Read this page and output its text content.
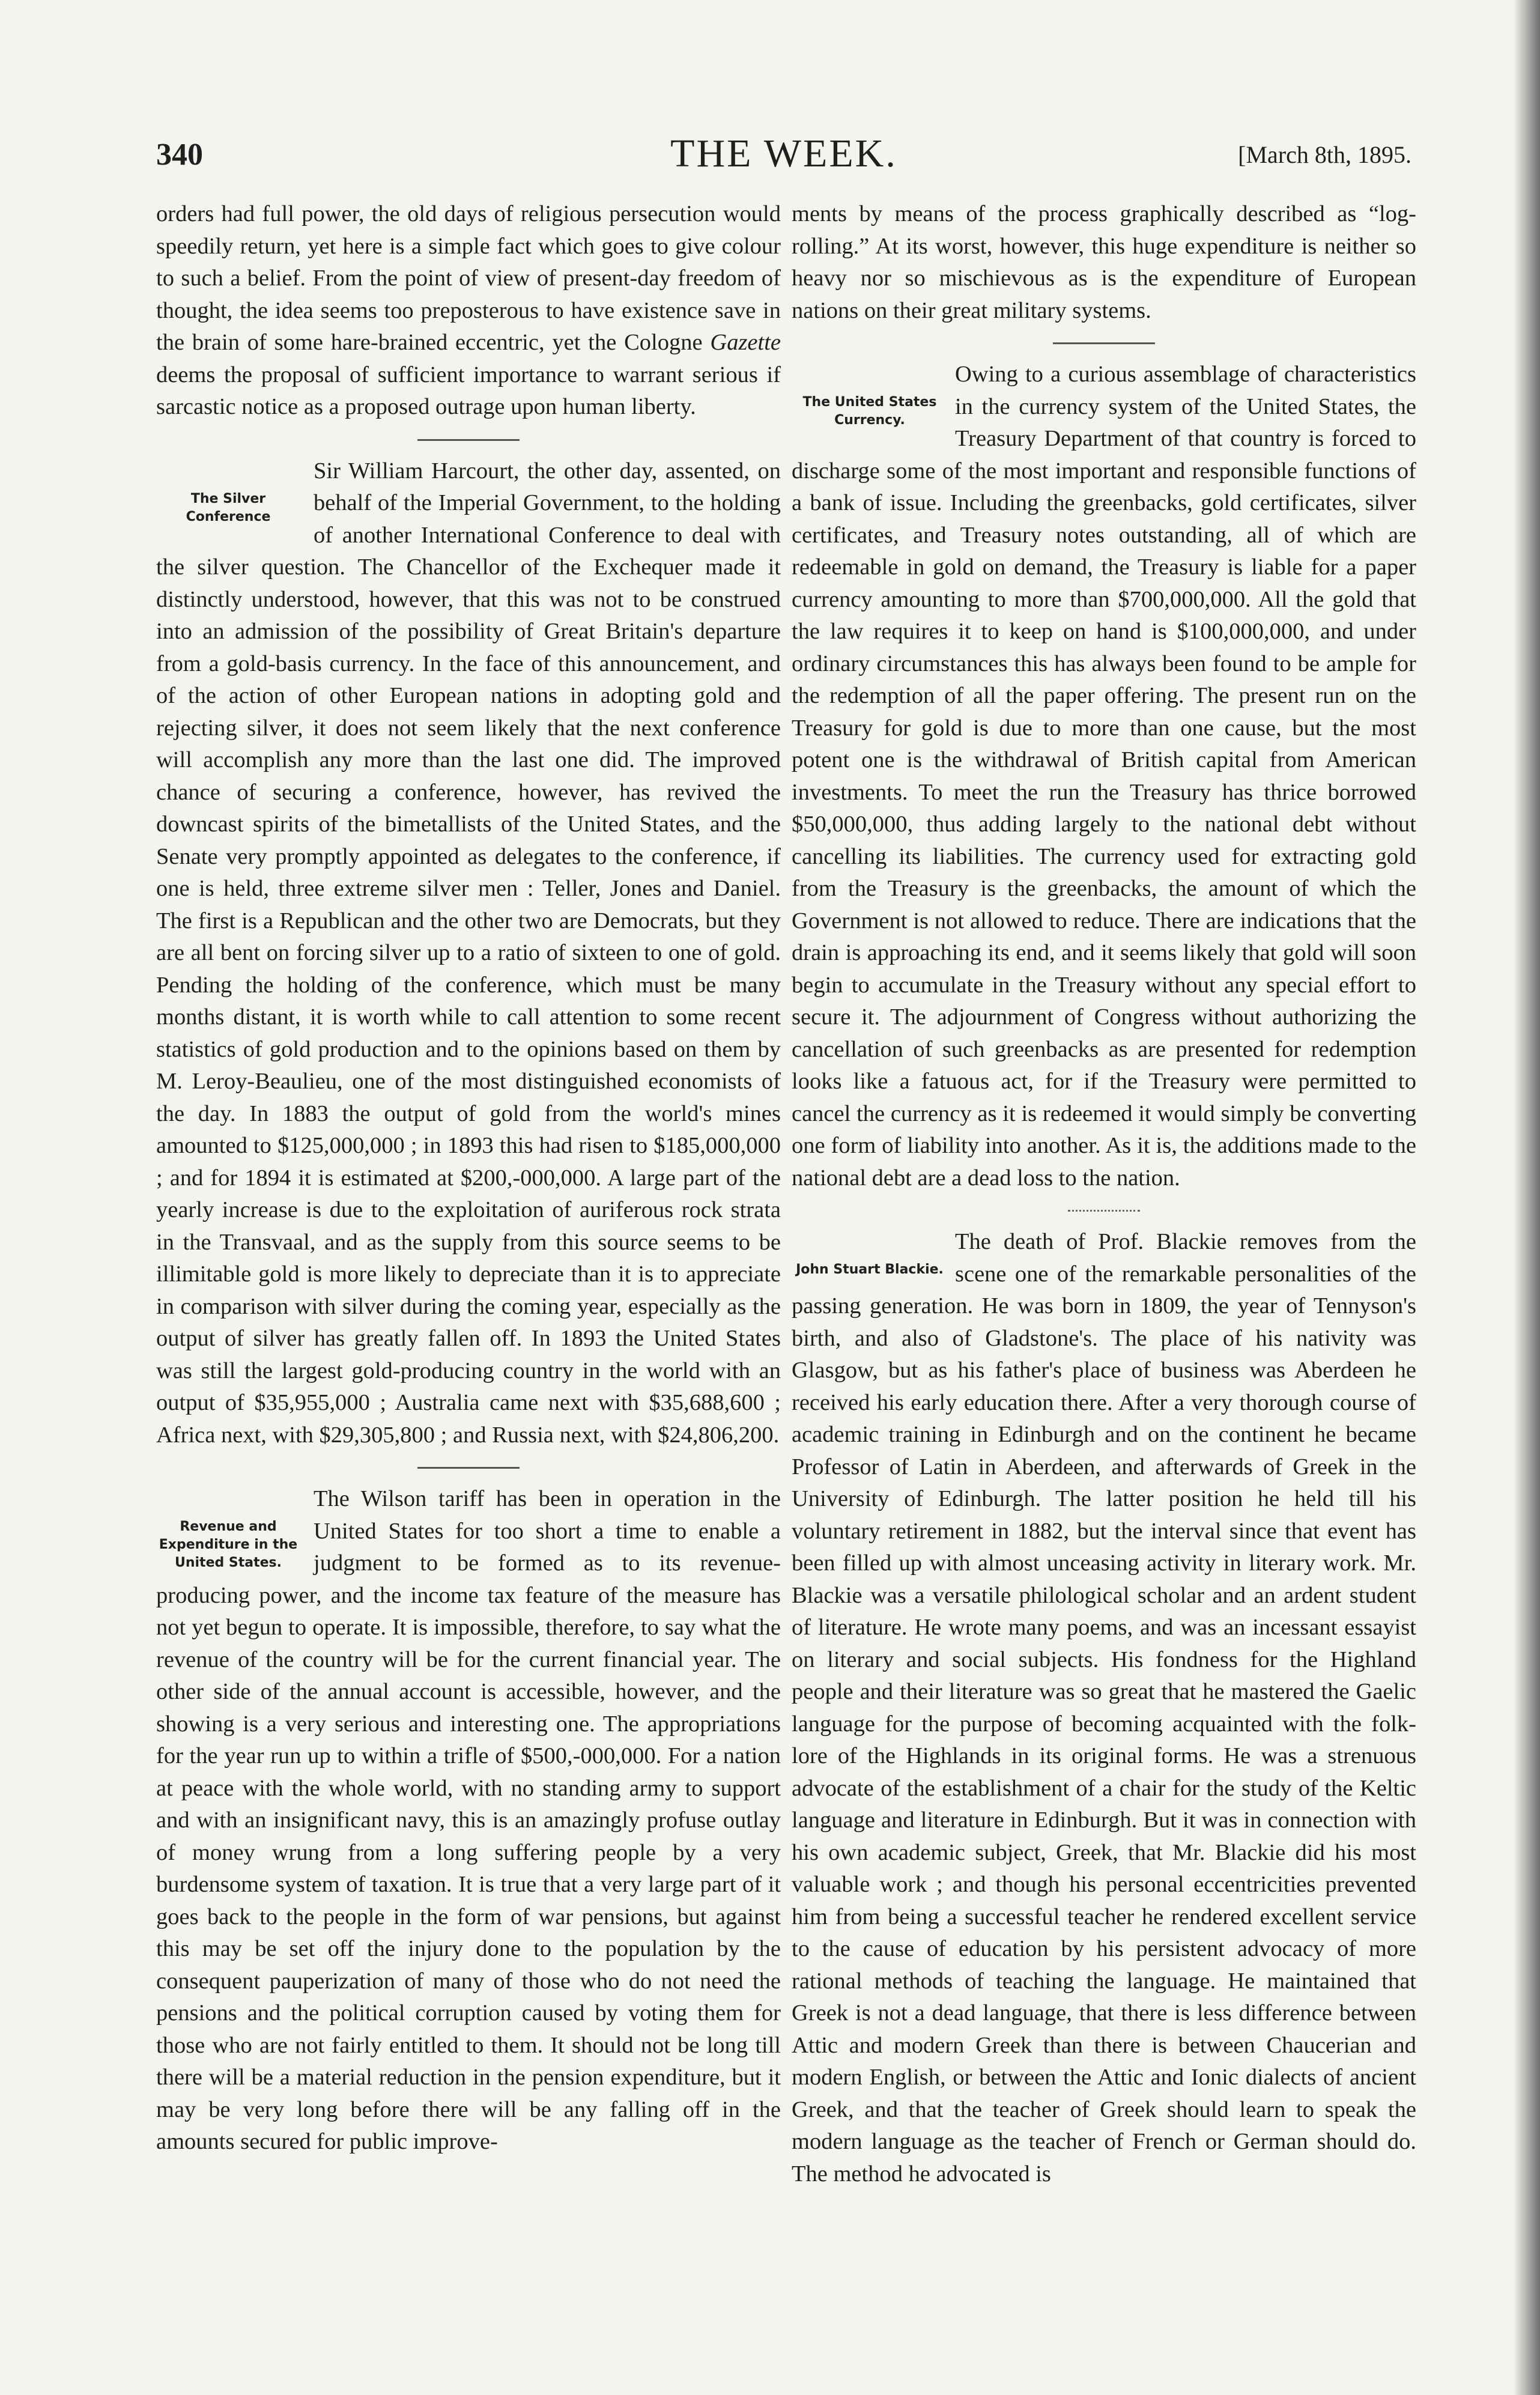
340	THE WEEK.	[March 8th, 1895.

orders had full power, the old days of religious persecution would speedily return, yet here is a simple fact which goes to give colour to such a belief. From the point of view of present-day freedom of thought, the idea seems too preposterous to have existence save in the brain of some hare-brained eccentric, yet the Cologne Gazette deems the proposal of sufficient importance to warrant serious if sarcastic notice as a proposed outrage upon human liberty.

The Silver Conference

Sir William Harcourt, the other day, assented, on behalf of the Imperial Government, to the holding of another International Conference to deal with the silver question. The Chancellor of the Exchequer made it distinctly understood, however, that this was not to be construed into an admission of the possibility of Great Britain's departure from a gold-basis currency. In the face of this announcement, and of the action of other European nations in adopting gold and rejecting silver, it does not seem likely that the next conference will accomplish any more than the last one did. The improved chance of securing a conference, however, has revived the downcast spirits of the bimetallists of the United States, and the Senate very promptly appointed as delegates to the conference, if one is held, three extreme silver men : Teller, Jones and Daniel. The first is a Republican and the other two are Democrats, but they are all bent on forcing silver up to a ratio of sixteen to one of gold. Pending the holding of the conference, which must be many months distant, it is worth while to call attention to some recent statistics of gold production and to the opinions based on them by M. Leroy-Beaulieu, one of the most distinguished economists of the day. In 1883 the output of gold from the world's mines amounted to $125,000,000 ; in 1893 this had risen to $185,000,000 ; and for 1894 it is estimated at $200,-000,000. A large part of the yearly increase is due to the exploitation of auriferous rock strata in the Transvaal, and as the supply from this source seems to be illimitable gold is more likely to depreciate than it is to appreciate in comparison with silver during the coming year, especially as the output of silver has greatly fallen off. In 1893 the United States was still the largest gold-producing country in the world with an output of $35,955,000 ; Australia came next with $35,688,600 ; Africa next, with $29,305,800 ; and Russia next, with $24,806,200.

Revenue and Expenditure in the United States.

The Wilson tariff has been in operation in the United States for too short a time to enable a judgment to be formed as to its revenue-producing power, and the income tax feature of the measure has not yet begun to operate. It is impossible, therefore, to say what the revenue of the country will be for the current financial year. The other side of the annual account is accessible, however, and the showing is a very serious and interesting one. The appropriations for the year run up to within a trifle of $500,-000,000. For a nation at peace with the whole world, with no standing army to support and with an insignificant navy, this is an amazingly profuse outlay of money wrung from a long suffering people by a very burdensome system of taxation. It is true that a very large part of it goes back to the people in the form of war pensions, but against this may be set off the injury done to the population by the consequent pauperization of many of those who do not need the pensions and the political corruption caused by voting them for those who are not fairly entitled to them. It should not be long till there will be a material reduction in the pension expenditure, but it may be very long before there will be any falling off in the amounts secured for public improve-

ments by means of the process graphically described as “log-rolling.” At its worst, however, this huge expenditure is neither so heavy nor so mischievous as is the expenditure of European nations on their great military systems.

The United States Currency.

Owing to a curious assemblage of characteristics in the currency system of the United States, the Treasury Department of that country is forced to discharge some of the most important and responsible functions of a bank of issue. Including the greenbacks, gold certificates, silver certificates, and Treasury notes outstanding, all of which are redeemable in gold on demand, the Treasury is liable for a paper currency amounting to more than $700,000,000. All the gold that the law requires it to keep on hand is $100,000,000, and under ordinary circumstances this has always been found to be ample for the redemption of all the paper offering. The present run on the Treasury for gold is due to more than one cause, but the most potent one is the withdrawal of British capital from American investments. To meet the run the Treasury has thrice borrowed $50,000,000, thus adding largely to the national debt without cancelling its liabilities. The currency used for extracting gold from the Treasury is the greenbacks, the amount of which the Government is not allowed to reduce. There are indications that the drain is approaching its end, and it seems likely that gold will soon begin to accumulate in the Treasury without any special effort to secure it. The adjournment of Congress without authorizing the cancellation of such greenbacks as are presented for redemption looks like a fatuous act, for if the Treasury were permitted to cancel the currency as it is redeemed it would simply be converting one form of liability into another. As it is, the additions made to the national debt are a dead loss to the nation.

John Stuart Blackie.

The death of Prof. Blackie removes from the scene one of the remarkable personalities of the passing generation. He was born in 1809, the year of Tennyson's birth, and also of Gladstone's. The place of his nativity was Glasgow, but as his father's place of business was Aberdeen he received his early education there. After a very thorough course of academic training in Edinburgh and on the continent he became Professor of Latin in Aberdeen, and afterwards of Greek in the University of Edinburgh. The latter position he held till his voluntary retirement in 1882, but the interval since that event has been filled up with almost unceasing activity in literary work. Mr. Blackie was a versatile philological scholar and an ardent student of literature. He wrote many poems, and was an incessant essayist on literary and social subjects. His fondness for the Highland people and their literature was so great that he mastered the Gaelic language for the purpose of becoming acquainted with the folk-lore of the Highlands in its original forms. He was a strenuous advocate of the establishment of a chair for the study of the Keltic language and literature in Edinburgh. But it was in connection with his own academic subject, Greek, that Mr. Blackie did his most valuable work ; and though his personal eccentricities prevented him from being a successful teacher he rendered excellent service to the cause of education by his persistent advocacy of more rational methods of teaching the language. He maintained that Greek is not a dead language, that there is less difference between Attic and modern Greek than there is between Chaucerian and modern English, or between the Attic and Ionic dialects of ancient Greek, and that the teacher of Greek should learn to speak the modern language as the teacher of French or German should do. The method he advocated is
